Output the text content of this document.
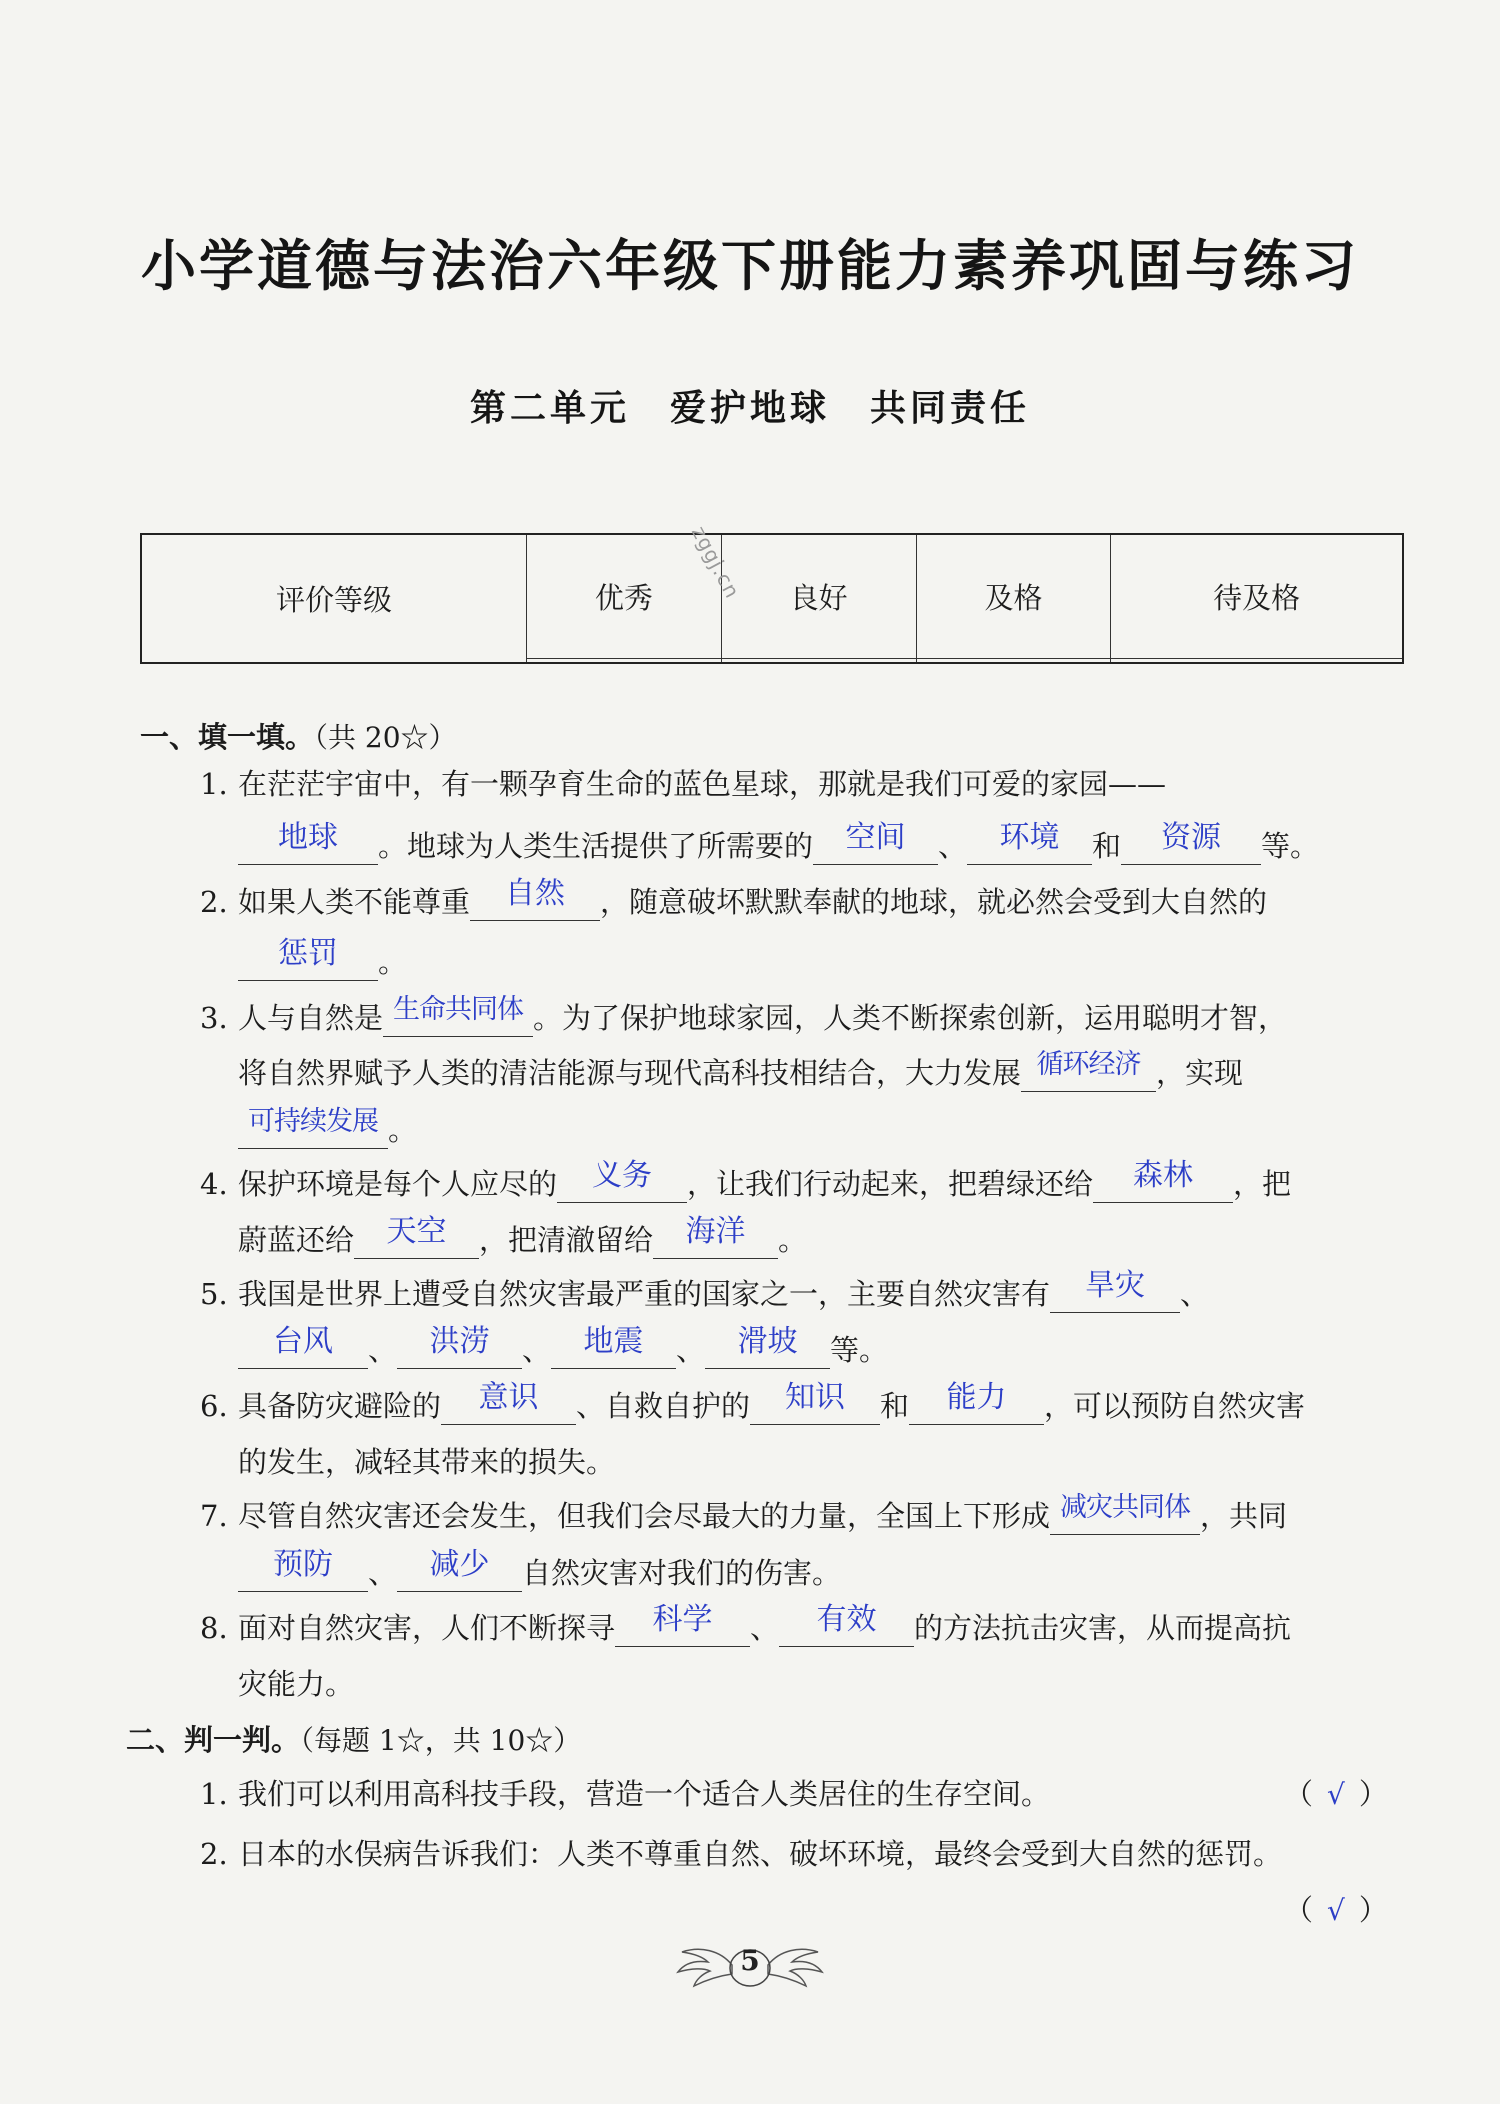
小学道德与法治六年级下册能力素养巩固与练习
第二单元　爱护地球　共同责任
评价等级	优秀	良好	及格	待及格

zggj.cn
一、填一填。（共 20☆）
1. 在茫茫宇宙中，有一颗孕育生命的蓝色星球，那就是我们可爱的家园——
地球	。地球为人类生活提供了所需要的	空间	、	环境	和	资源	等。
2. 如果人类不能尊重	自然	，随意破坏默默奉献的地球，就必然会受到大自然的
惩罚	。
3. 人与自然是 生命共同体 。为了保护地球家园，人类不断探索创新，运用聪明才智，
将自然界赋予人类的清洁能源与现代高科技相结合，大力发展 循环经济 ，实现
可持续发展 。
4. 保护环境是每个人应尽的	义务	，让我们行动起来，把碧绿还给	森林	，把
蔚蓝还给	天空	，把清澈留给	海洋	。
5. 我国是世界上遭受自然灾害最严重的国家之一，主要自然灾害有	旱灾	、
台风	、	洪涝	、	地震	、	滑坡	等。
6. 具备防灾避险的	意识	、自救自护的	知识	和	能力	，可以预防自然灾害
的发生，减轻其带来的损失。
7. 尽管自然灾害还会发生，但我们会尽最大的力量，全国上下形成 减灾共同体 ，共同
预防	、	减少	自然灾害对我们的伤害。
8. 面对自然灾害，人们不断探寻	科学	、	有效	的方法抗击灾害，从而提高抗
灾能力。
二、判一判。（每题 1☆，共 10☆）
1. 我们可以利用高科技手段，营造一个适合人类居住的生存空间。	（ √ ）
2. 日本的水俣病告诉我们：人类不尊重自然、破坏环境，最终会受到大自然的惩罚。
（ √ ）
5
